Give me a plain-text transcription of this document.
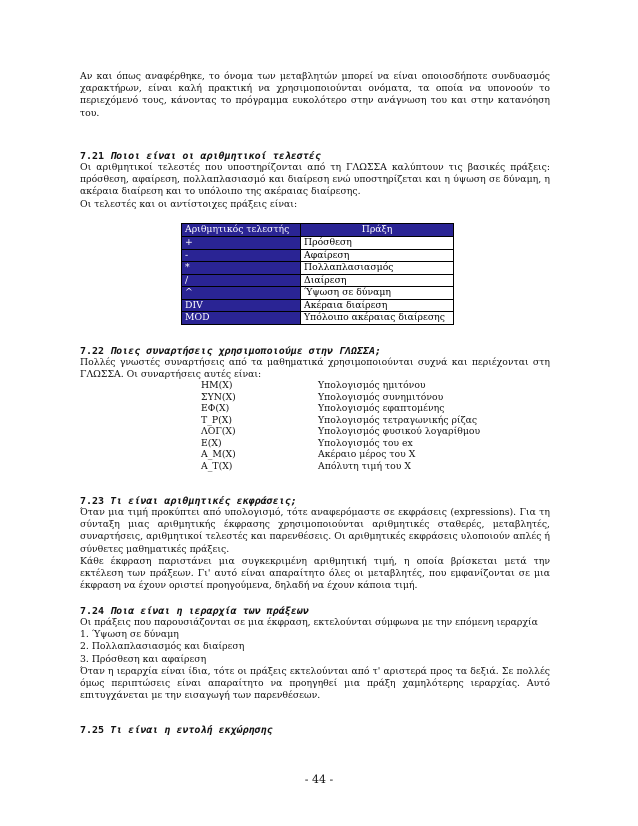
Αν και όπως αναφέρθηκε, το όνομα των μεταβλητών μπορεί να είναι οποιοσδήποτε συνδυασμός χαρακτήρων, είναι καλή πρακτική να χρησιμοποιούνται ονόματα, τα οποία να υπονοούν το περιεχόμενό τους, κάνοντας το πρόγραμμα ευκολότερο στην ανάγνωση του και στην κατανόηση του.

7.21 Ποιοι είναι οι αριθμητικοί τελεστές

Οι αριθμητικοί τελεστές που υποστηρίζονται από τη ΓΛΩΣΣΑ καλύπτουν τις βασικές πράξεις: πρόσθεση, αφαίρεση, πολλαπλασιασμό και διαίρεση ενώ υποστηρίζεται και η ύψωση σε δύναμη, η ακέραια διαίρεση και το υπόλοιπο της ακέραιας διαίρεσης.

Οι τελεστές και οι αντίστοιχες πράξεις είναι:

Αριθμητικός τελεστής	Πράξη
+	Πρόσθεση
-	Αφαίρεση
*	Πολλαπλασιασμός
/	Διαίρεση
^	Ύψωση σε δύναμη
DIV	Ακέραια διαίρεση
MOD	Υπόλοιπο ακέραιας διαίρεσης
7.22 Ποιες συναρτήσεις χρησιμοποιούμε στην ΓΛΩΣΣΑ;

Πολλές γνωστές συναρτήσεις από τα μαθηματικά χρησιμοποιούνται συχνά και περιέχονται στη ΓΛΩΣΣΑ. Οι συναρτήσεις αυτές είναι:

ΗΜ(Χ)	Υπολογισμός ημιτόνου
ΣΥΝ(Χ)	Υπολογισμός συνημιτόνου
ΕΦ(Χ)	Υπολογισμός εφαπτομένης
Τ_Ρ(Χ)	Υπολογισμός τετραγωνικής ρίζας
ΛΟΓ(Χ)	Υπολογισμός φυσικού λογαρίθμου
Ε(Χ)	Υπολογισμός του ex
Α_Μ(Χ)	Ακέραιο μέρος του Χ
Α_Τ(Χ)	Απόλυτη τιμή του Χ
7.23 Τι είναι αριθμητικές εκφράσεις;

Όταν μια τιμή προκύπτει από υπολογισμό, τότε αναφερόμαστε σε εκφράσεις (expressions). Για τη σύνταξη μιας αριθμητικής έκφρασης χρησιμοποιούνται αριθμητικές σταθερές, μεταβλητές, συναρτήσεις, αριθμητικοί τελεστές και παρενθέσεις. Οι αριθμητικές εκφράσεις υλοποιούν απλές ή σύνθετες μαθηματικές πράξεις.

Κάθε έκφραση παριστάνει μια συγκεκριμένη αριθμητική τιμή, η οποία βρίσκεται μετά την εκτέλεση των πράξεων. Γι' αυτό είναι απαραίτητο όλες οι μεταβλητές, που εμφανίζονται σε μια έκφραση να έχουν οριστεί προηγούμενα, δηλαδή να έχουν κάποια τιμή.

7.24 Ποια είναι η ιεραρχία των πράξεων

Οι πράξεις που παρουσιάζονται σε μια έκφραση, εκτελούνται σύμφωνα με την επόμενη ιεραρχία

1. Ύψωση σε δύναμη

2. Πολλαπλασιασμός και διαίρεση

3. Πρόσθεση και αφαίρεση

Όταν η ιεραρχία είναι ίδια, τότε οι πράξεις εκτελούνται από τ' αριστερά προς τα δεξιά. Σε πολλές όμως περιπτώσεις είναι απαραίτητο να προηγηθεί μια πράξη χαμηλότερης ιεραρχίας. Αυτό επιτυγχάνεται με την εισαγωγή των παρενθέσεων.

7.25 Τι είναι η εντολή εκχώρησης
- 44 -
